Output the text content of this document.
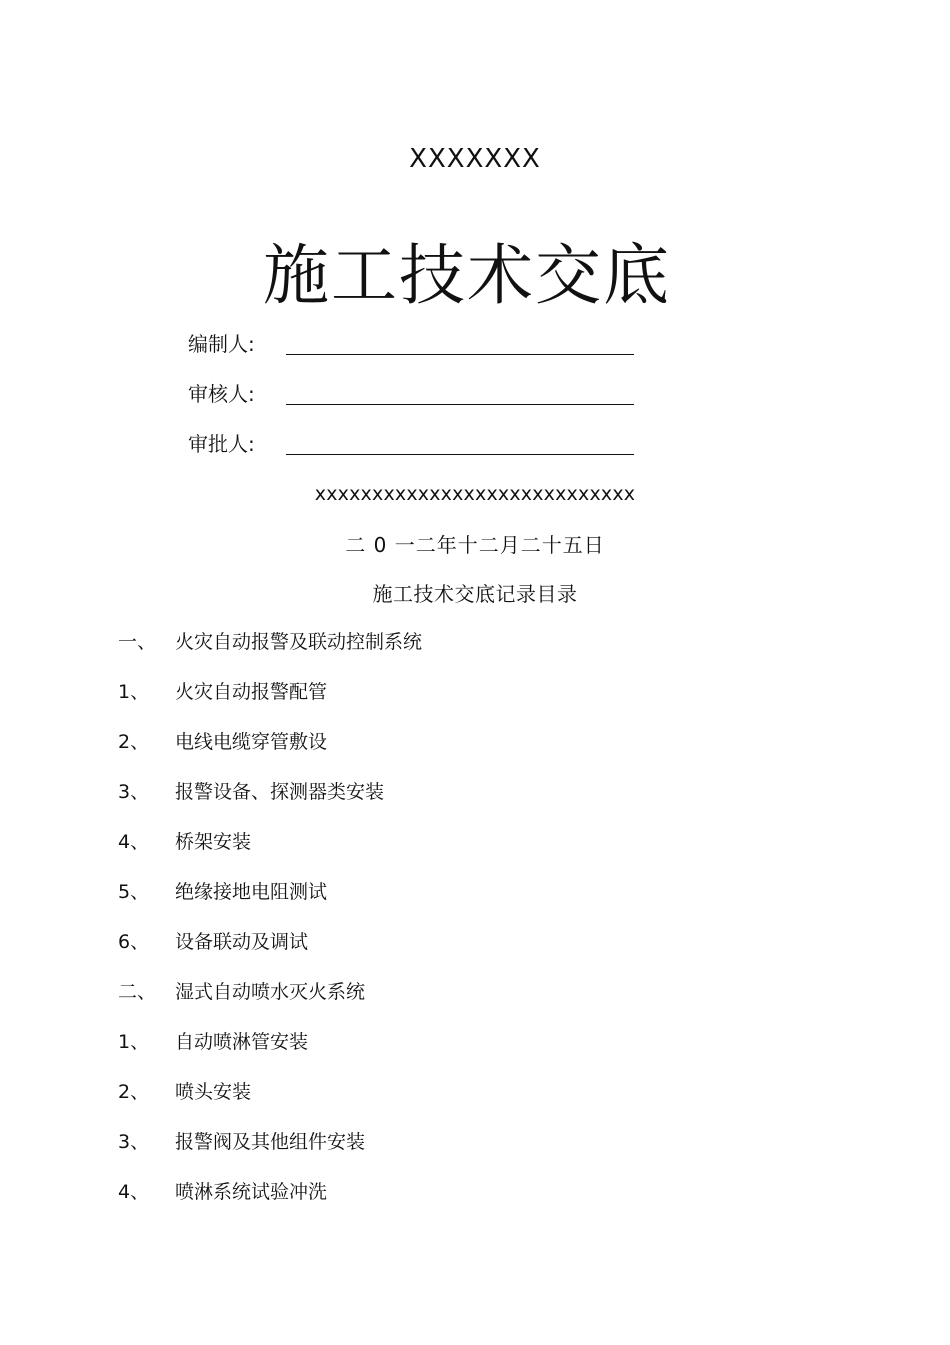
XXXXXXX
施工技术交底
编制人:
审核人:
审批人:
xxxxxxxxxxxxxxxxxxxxxxxxxxxx
二 0 一二年十二月二十五日
施工技术交底记录目录
一、 火灾自动报警及联动控制系统
1、 火灾自动报警配管
2、 电线电缆穿管敷设
3、 报警设备、探测器类安装
4、 桥架安装
5、 绝缘接地电阻测试
6、 设备联动及调试
二、 湿式自动喷水灭火系统
1、 自动喷淋管安装
2、 喷头安装
3、 报警阀及其他组件安装
4、 喷淋系统试验冲洗
